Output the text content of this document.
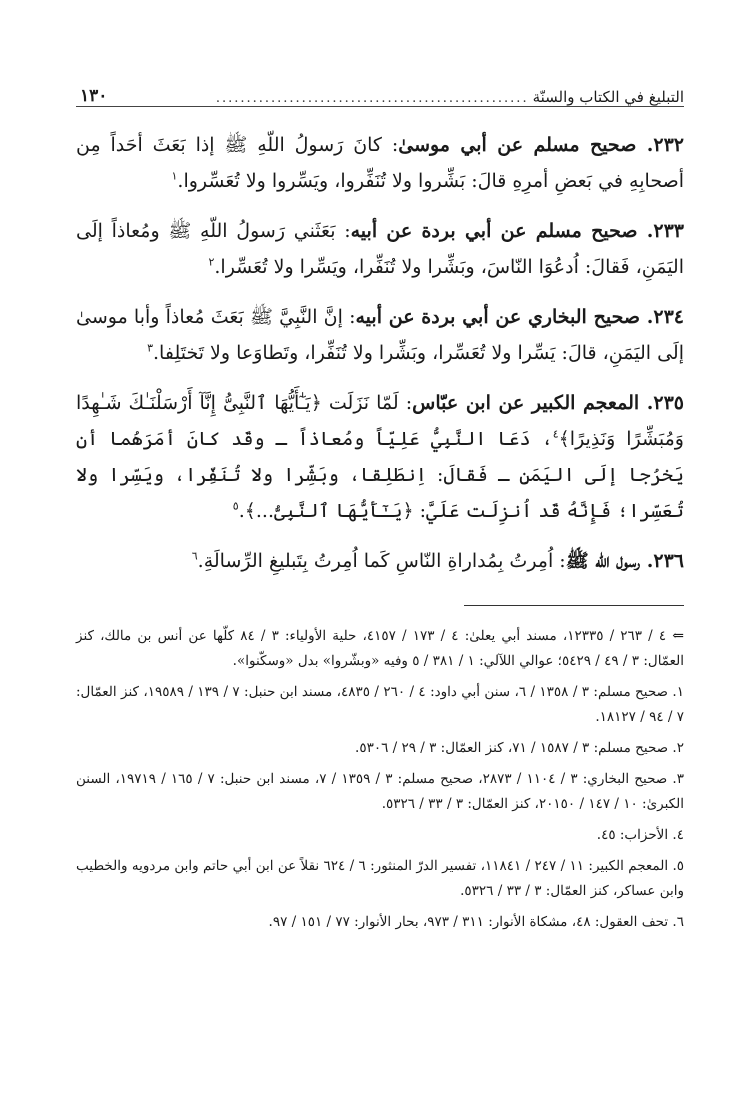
التبليغ في الكتاب والسنّة
...................................................
١٣٠

٢٣٢. صحيح مسلم عن أبي موسىٰ: كانَ رَسولُ اللّهِ ﷺ إذا بَعَثَ أحَداً مِن أصحابِهِ في بَعضِ أمرِهِ قالَ: بَشِّروا ولا تُنَفِّروا، ويَسِّروا ولا تُعَسِّروا.$^١$

٢٣٣. صحيح مسلم عن أبي بردة عن أبيه: بَعَثَني رَسولُ اللّهِ ﷺ ومُعاذاً إلَى اليَمَنِ، فَقالَ: اُدعُوَا النّاسَ، وبَشِّرا ولا تُنَفِّرا، ويَسِّرا ولا تُعَسِّرا.$^٢$

٢٣٤. صحيح البخاري عن أبي بردة عن أبيه: إنَّ النَّبِيَّ ﷺ بَعَثَ مُعاذاً وأبا موسىٰ إلَى اليَمَنِ، قالَ: يَسِّرا ولا تُعَسِّرا، وبَشِّرا ولا تُنَفِّرا، وتَطاوَعا ولا تَختَلِفا.$^٣$

٢٣٥. المعجم الكبير عن ابن عبّاس: لَمّا نَزَلَت ﴿يَـٰٓأَيُّهَا ٱلنَّبِىُّ إِنَّآ أَرْسَلْنَـٰكَ شَـٰهِدًا وَمُبَشِّرًا وَنَذِيرًا﴾$^٤$، دَعَا النَّبِيُّ عَلِيّاً ومُعاذاً ـ وقَد كانَ أمَرَهُما أن يَخرُجا إلَى اليَمَنِ ـ فَقالَ: اِنطَلِقا، وبَشِّرا ولا تُنَفِّرا، ويَسِّرا ولا تُعَسِّرا؛ فَإِنَّهُ قَد اُنزِلَت عَلَيَّ: ﴿يَـٰٓأَيُّهَا ٱلنَّبِىُّ...﴾.$^٥$

٢٣٦. رسول اللّه ﷺ: اُمِرتُ بِمُداراةِ النّاسِ كَما اُمِرتُ بِتَبليغِ الرِّسالَةِ.$^٦$

⇐ ٤ / ٢٦٣ / ١٢٣٣٥، مسند أبي يعلىٰ: ٤ / ١٧٣ / ٤١٥٧، حلية الأولياء: ٣ / ٨٤ كلّها عن أنس بن مالك، كنز العمّال: ٣ / ٤٩ / ٥٤٢٩؛ عوالي اللآلي: ١ / ٣٨١ / ٥ وفيه «وبشّروا» بدل «وسكّنوا».

١. صحيح مسلم: ٣ / ١٣٥٨ / ٦، سنن أبي داود: ٤ / ٢٦٠ / ٤٨٣٥، مسند ابن حنبل: ٧ / ١٣٩ / ١٩٥٨٩، كنز العمّال: ٧ / ٩٤ / ١٨١٢٧.

٢. صحيح مسلم: ٣ / ١٥٨٧ / ٧١، كنز العمّال: ٣ / ٢٩ / ٥٣٠٦.

٣. صحيح البخاري: ٣ / ١١٠٤ / ٢٨٧٣، صحيح مسلم: ٣ / ١٣٥٩ / ٧، مسند ابن حنبل: ٧ / ١٦٥ / ١٩٧١٩، السنن الكبرىٰ: ١٠ / ١٤٧ / ٢٠١٥٠، كنز العمّال: ٣ / ٣٣ / ٥٣٢٦.

٤. الأحزاب: ٤٥.

٥. المعجم الكبير: ١١ / ٢٤٧ / ١١٨٤١، تفسير الدرّ المنثور: ٦ / ٦٢٤ نقلاً عن ابن أبي حاتم وابن مردويه والخطيب وابن عساكر، كنز العمّال: ٣ / ٣٣ / ٥٣٢٦.

٦. تحف العقول: ٤٨، مشكاة الأنوار: ٣١١ / ٩٧٣، بحار الأنوار: ٧٧ / ١٥١ / ٩٧.
